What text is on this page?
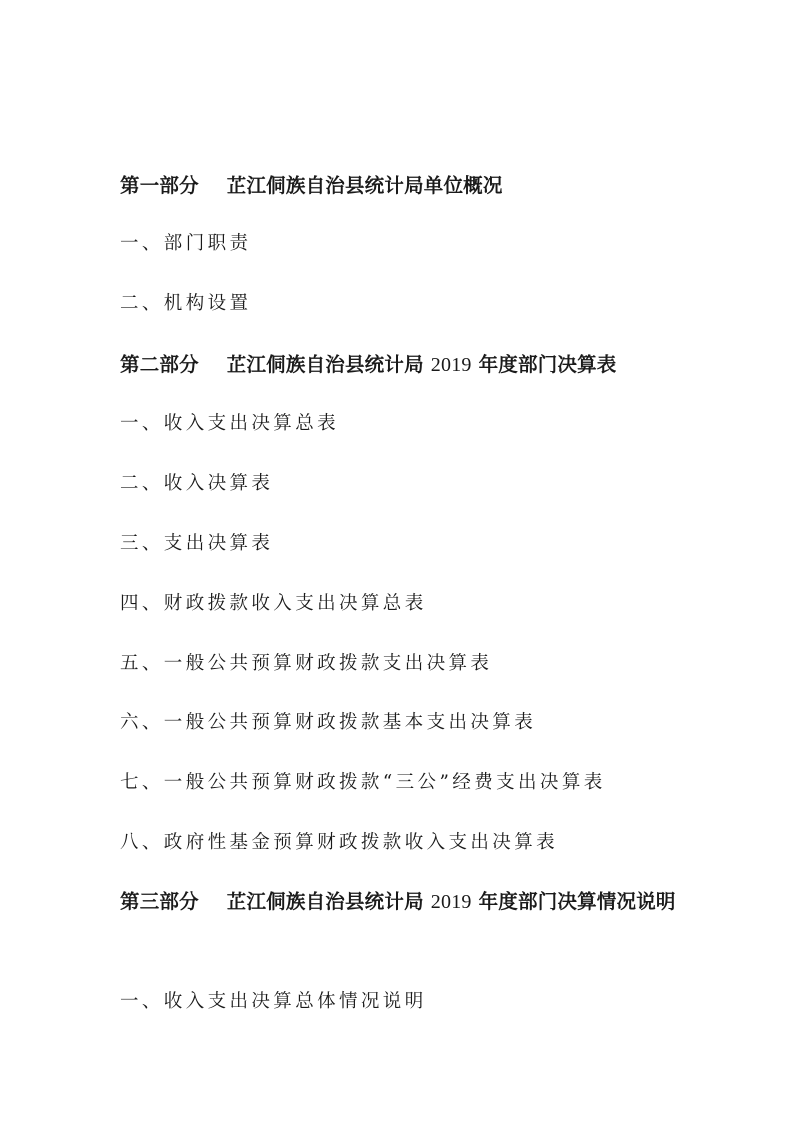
第一部分 芷江侗族自治县统计局单位概况
一、部门职责
二、机构设置
第二部分 芷江侗族自治县统计局 2019 年度部门决算表
一、收入支出决算总表
二、收入决算表
三、支出决算表
四、财政拨款收入支出决算总表
五、一般公共预算财政拨款支出决算表
六、一般公共预算财政拨款基本支出决算表
七、一般公共预算财政拨款“三公”经费支出决算表
八、政府性基金预算财政拨款收入支出决算表
第三部分 芷江侗族自治县统计局 2019 年度部门决算情况说明
一、收入支出决算总体情况说明
